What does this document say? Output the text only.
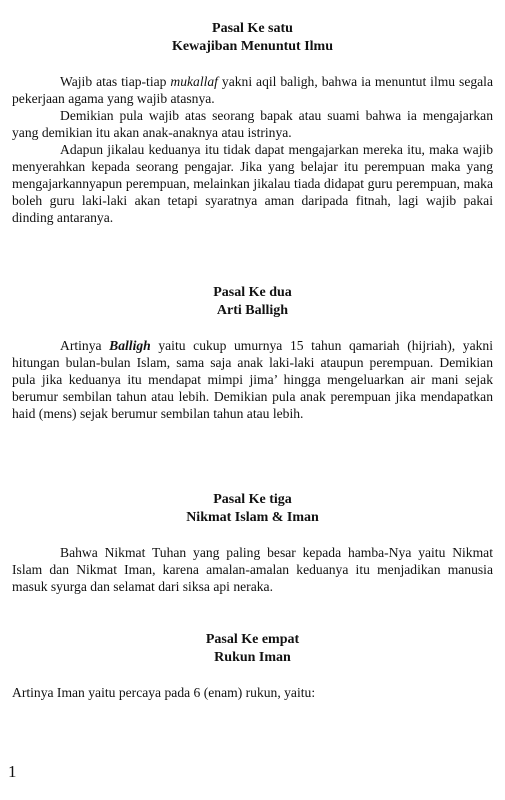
Pasal Ke satu

Kewajiban Menuntut Ilmu

Wajib atas tiap-tiap mukallaf yakni aqil baligh, bahwa ia menuntut ilmu segala pekerjaan agama yang wajib atasnya.

Demikian pula wajib atas seorang bapak atau suami bahwa ia mengajarkan yang demikian itu akan anak-anaknya atau istrinya.

Adapun jikalau keduanya itu tidak dapat mengajarkan mereka itu, maka wajib menyerahkan kepada seorang pengajar. Jika yang belajar itu perempuan maka yang mengajarkannyapun perempuan, melainkan jikalau tiada didapat guru perempuan, maka boleh guru laki-laki akan tetapi syaratnya aman daripada fitnah, lagi wajib pakai dinding antaranya.

Pasal Ke dua

Arti Balligh

Artinya Balligh yaitu cukup umurnya 15 tahun qamariah (hijriah), yakni hitungan bulan-bulan Islam, sama saja anak laki-laki ataupun perempuan. Demikian pula jika keduanya itu mendapat mimpi jima’ hingga mengeluarkan air mani sejak berumur sembilan tahun atau lebih. Demikian pula anak perempuan jika mendapatkan haid (mens) sejak berumur sembilan tahun atau lebih.

Pasal Ke tiga

Nikmat Islam & Iman

Bahwa Nikmat Tuhan yang paling besar kepada hamba-Nya yaitu Nikmat Islam dan Nikmat Iman, karena amalan-amalan keduanya itu menjadikan manusia masuk syurga dan selamat dari siksa api neraka.

Pasal Ke empat

Rukun Iman

Artinya Iman yaitu percaya pada 6 (enam) rukun, yaitu:

1
